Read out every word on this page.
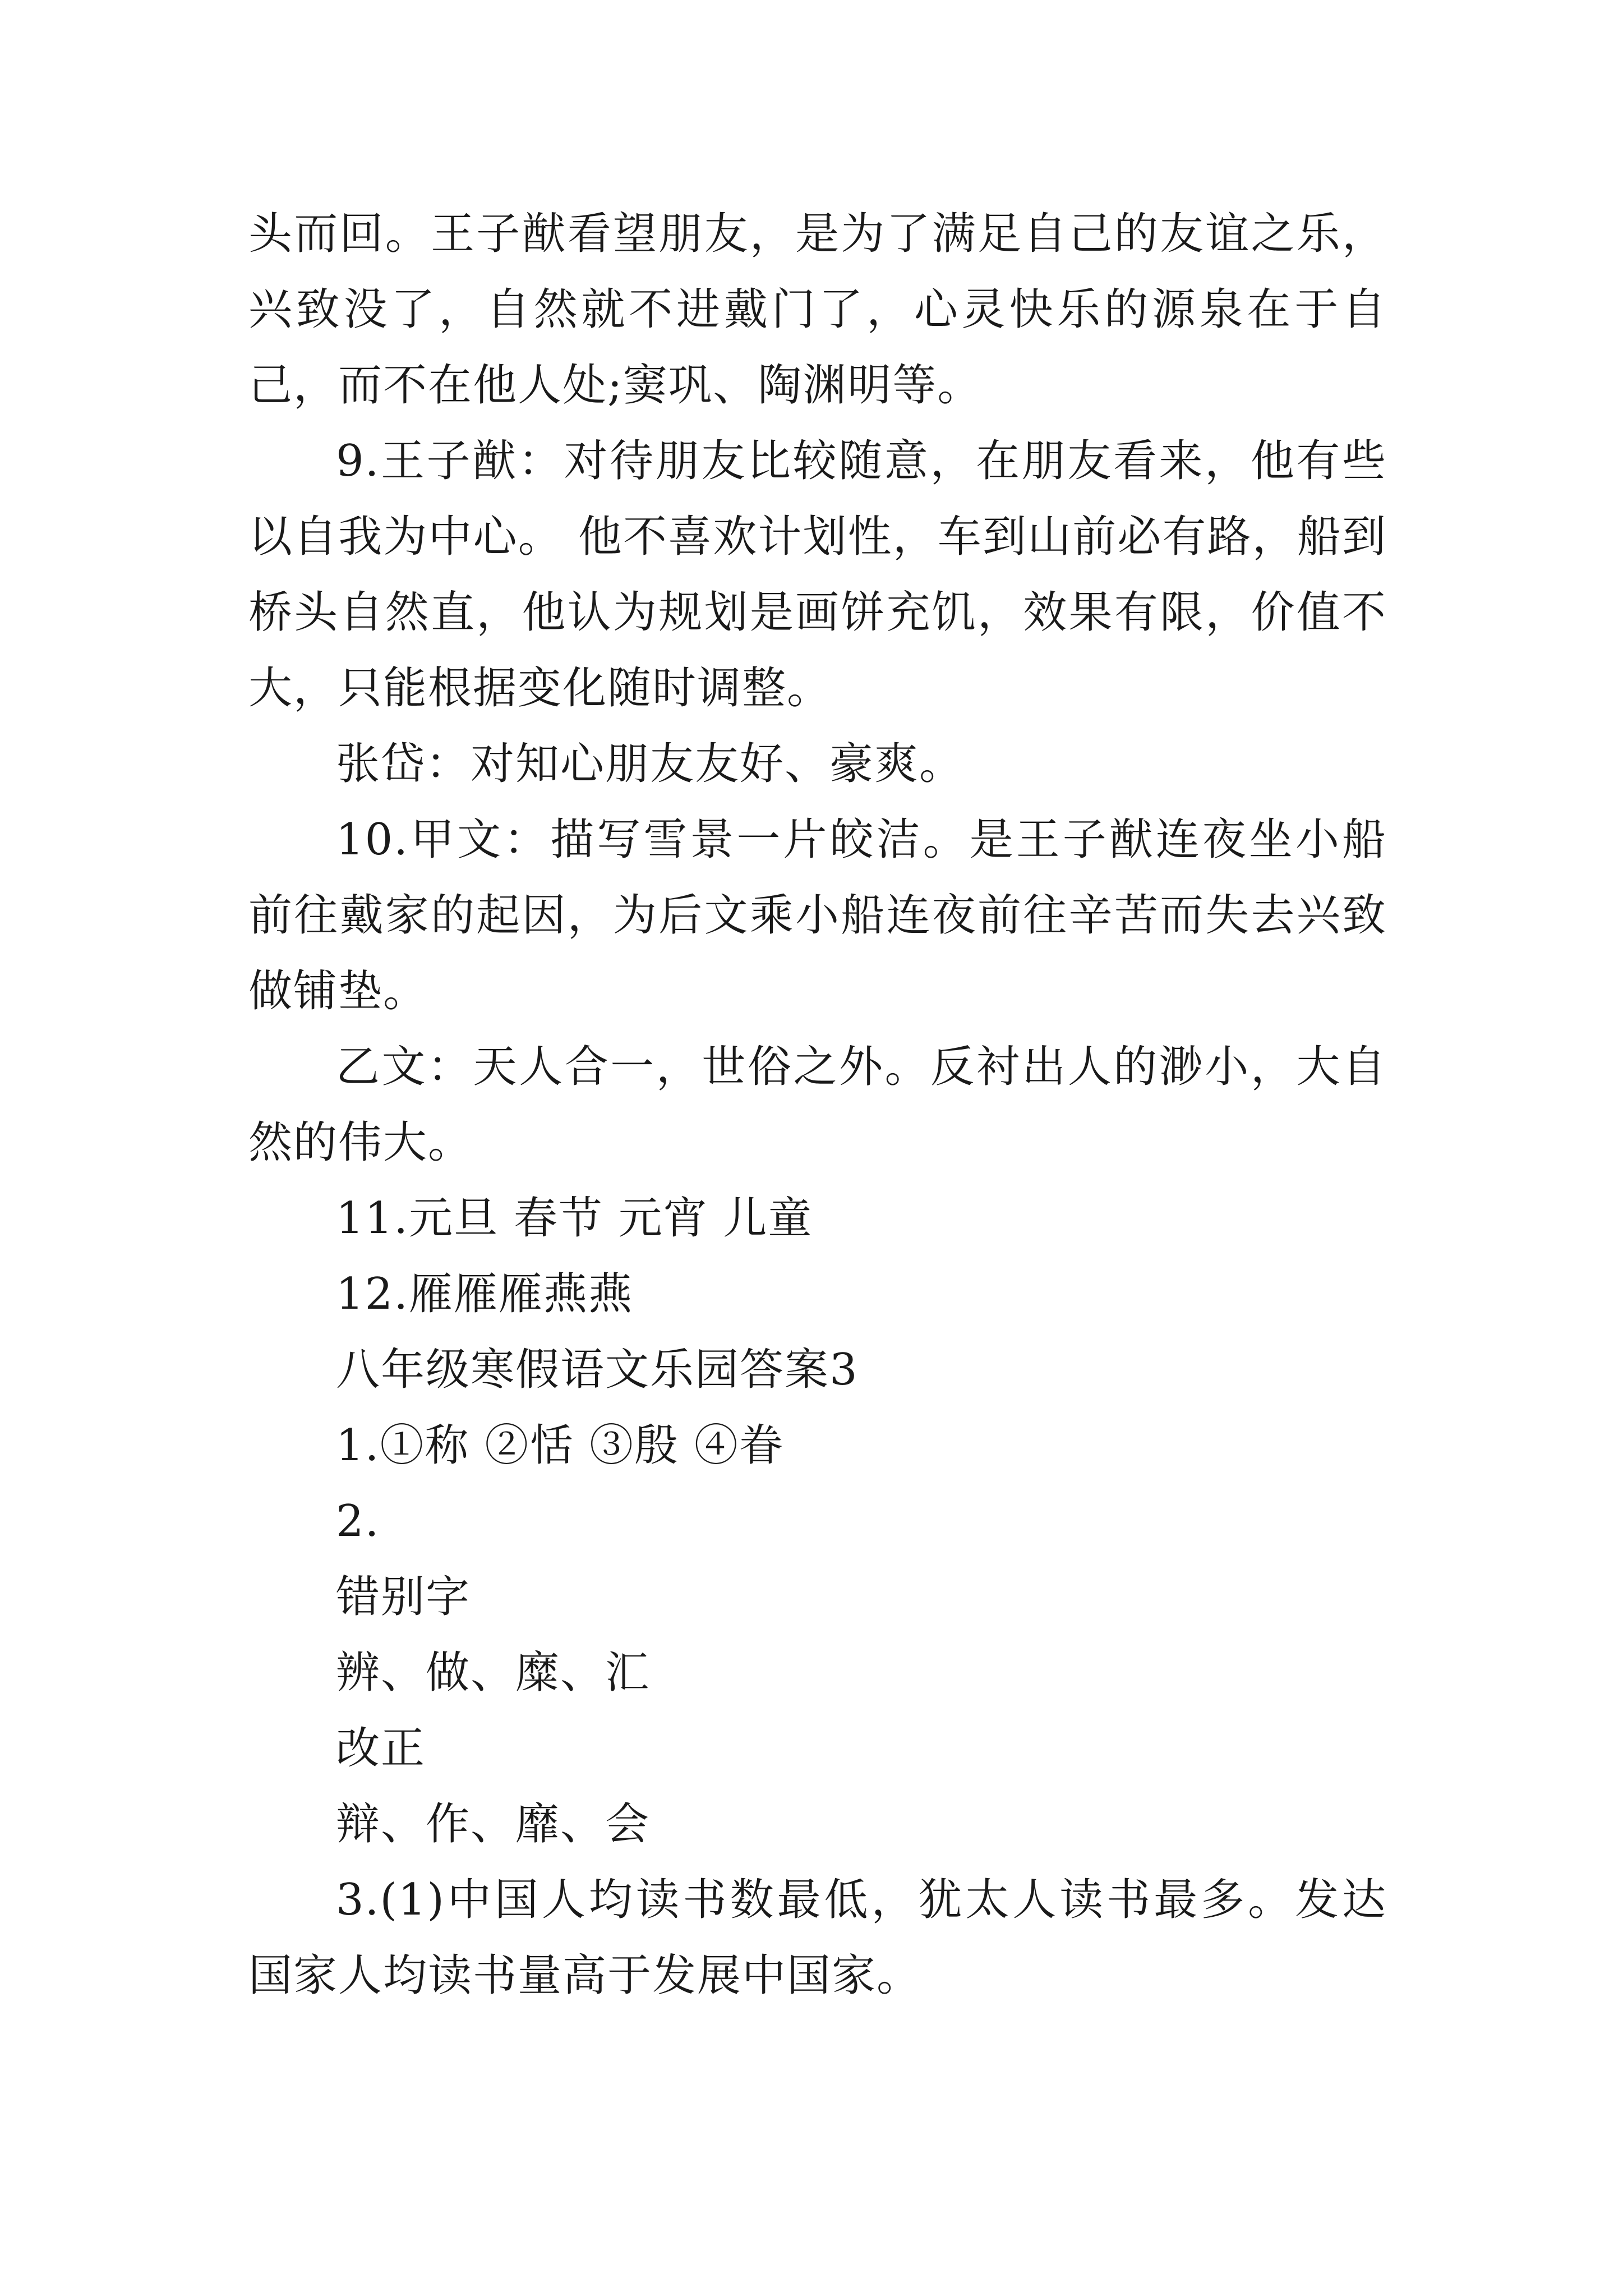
头而回。王子猷看望朋友，是为了满足自己的友谊之乐，兴致没了，自然就不进戴门了，心灵快乐的源泉在于自己，而不在他人处;窦巩、陶渊明等。

9.王子猷：对待朋友比较随意，在朋友看来，他有些以自我为中心。 他不喜欢计划性，车到山前必有路，船到桥头自然直，他认为规划是画饼充饥，效果有限，价值不大，只能根据变化随时调整。

张岱：对知心朋友友好、豪爽。

10.甲文：描写雪景一片皎洁。是王子猷连夜坐小船前往戴家的起因，为后文乘小船连夜前往辛苦而失去兴致做铺垫。

乙文：天人合一，世俗之外。反衬出人的渺小，大自然的伟大。

11.元旦 春节 元宵 儿童

12.雁雁雁燕燕

八年级寒假语文乐园答案3

1.①称 ②恬 ③殷 ④眷

2.

错别字

辨、做、糜、汇

改正

辩、作、靡、会

3.(1)中国人均读书数最低，犹太人读书最多。发达国家人均读书量高于发展中国家。
